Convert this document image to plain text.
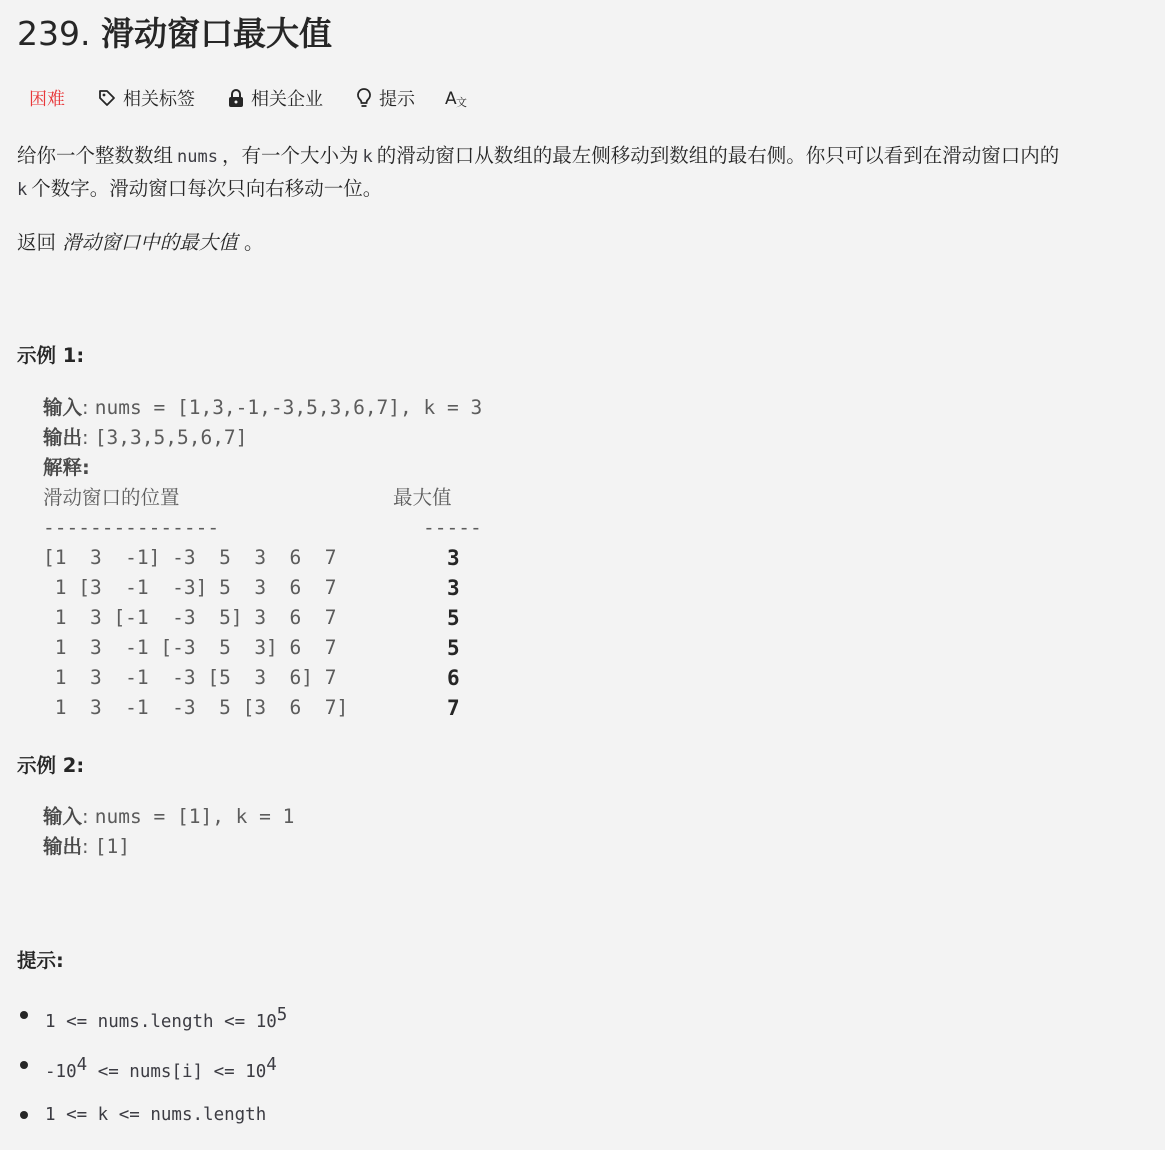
239. 滑动窗口最大值
困难	相关标签	相关企业	提示 A 文
给你一个整数数组 nums ，有一个大小为 k 的滑动窗口从数组的最左侧移动到数组的最右侧。你只可以看到在滑动窗口内的
k 个数字。滑动窗口每次只向右移动一位。
返回 滑动窗口中的最大值 。
示例 1:
输入: nums = [1,3,-1,-3,5,3,6,7], k = 3
输出: [3,3,5,5,6,7]
解释:
滑动窗口的位置	最大值
---------------	-----
[1  3  -1] -3  5  3  6  7	3
1 [3  -1  -3] 5  3  6  7	3
1  3 [-1  -3  5] 3  6  7	5
1  3  -1 [-3  5  3] 6  7	5
1  3  -1  -3 [5  3  6] 7	6
1  3  -1  -3  5 [3  6  7]	7
示例 2:
输入: nums = [1], k = 1
输出: [1]
提示:
1 <= nums.length <= $10^5$
$-10^4$ <= nums[i] <= $10^4$
1 <= k <= nums.length
